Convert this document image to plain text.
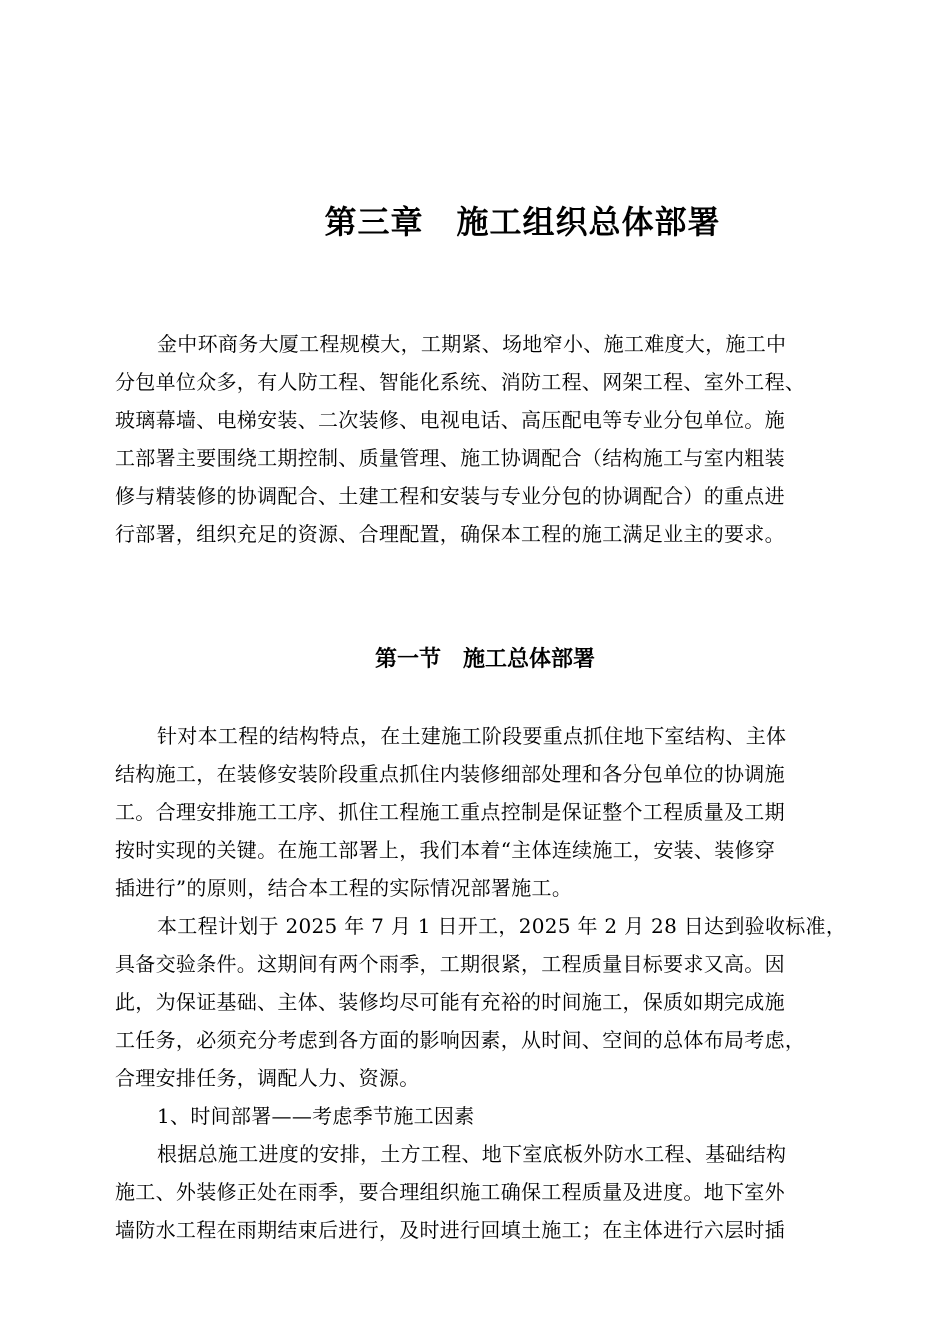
第三章　施工组织总体部署
金中环商务大厦工程规模大，工期紧、场地窄小、施工难度大，施工中
分包单位众多，有人防工程、智能化系统、消防工程、网架工程、室外工程、
玻璃幕墙、电梯安装、二次装修、电视电话、高压配电等专业分包单位。施
工部署主要围绕工期控制、质量管理、施工协调配合（结构施工与室内粗装
修与精装修的协调配合、土建工程和安装与专业分包的协调配合）的重点进
行部署，组织充足的资源、合理配置，确保本工程的施工满足业主的要求。
第一节　施工总体部署
针对本工程的结构特点，在土建施工阶段要重点抓住地下室结构、主体
结构施工，在装修安装阶段重点抓住内装修细部处理和各分包单位的协调施
工。合理安排施工工序、抓住工程施工重点控制是保证整个工程质量及工期
按时实现的关键。在施工部署上，我们本着“主体连续施工，安装、装修穿
插进行”的原则，结合本工程的实际情况部署施工。
本工程计划于 2025 年 7 月 1 日开工，2025 年 2 月 28 日达到验收标准，
具备交验条件。这期间有两个雨季，工期很紧，工程质量目标要求又高。因
此，为保证基础、主体、装修均尽可能有充裕的时间施工，保质如期完成施
工任务，必须充分考虑到各方面的影响因素，从时间、空间的总体布局考虑，
合理安排任务，调配人力、资源。
1、时间部署——考虑季节施工因素
根据总施工进度的安排，土方工程、地下室底板外防水工程、基础结构
施工、外装修正处在雨季，要合理组织施工确保工程质量及进度。地下室外
墙防水工程在雨期结束后进行，及时进行回填土施工；在主体进行六层时插
